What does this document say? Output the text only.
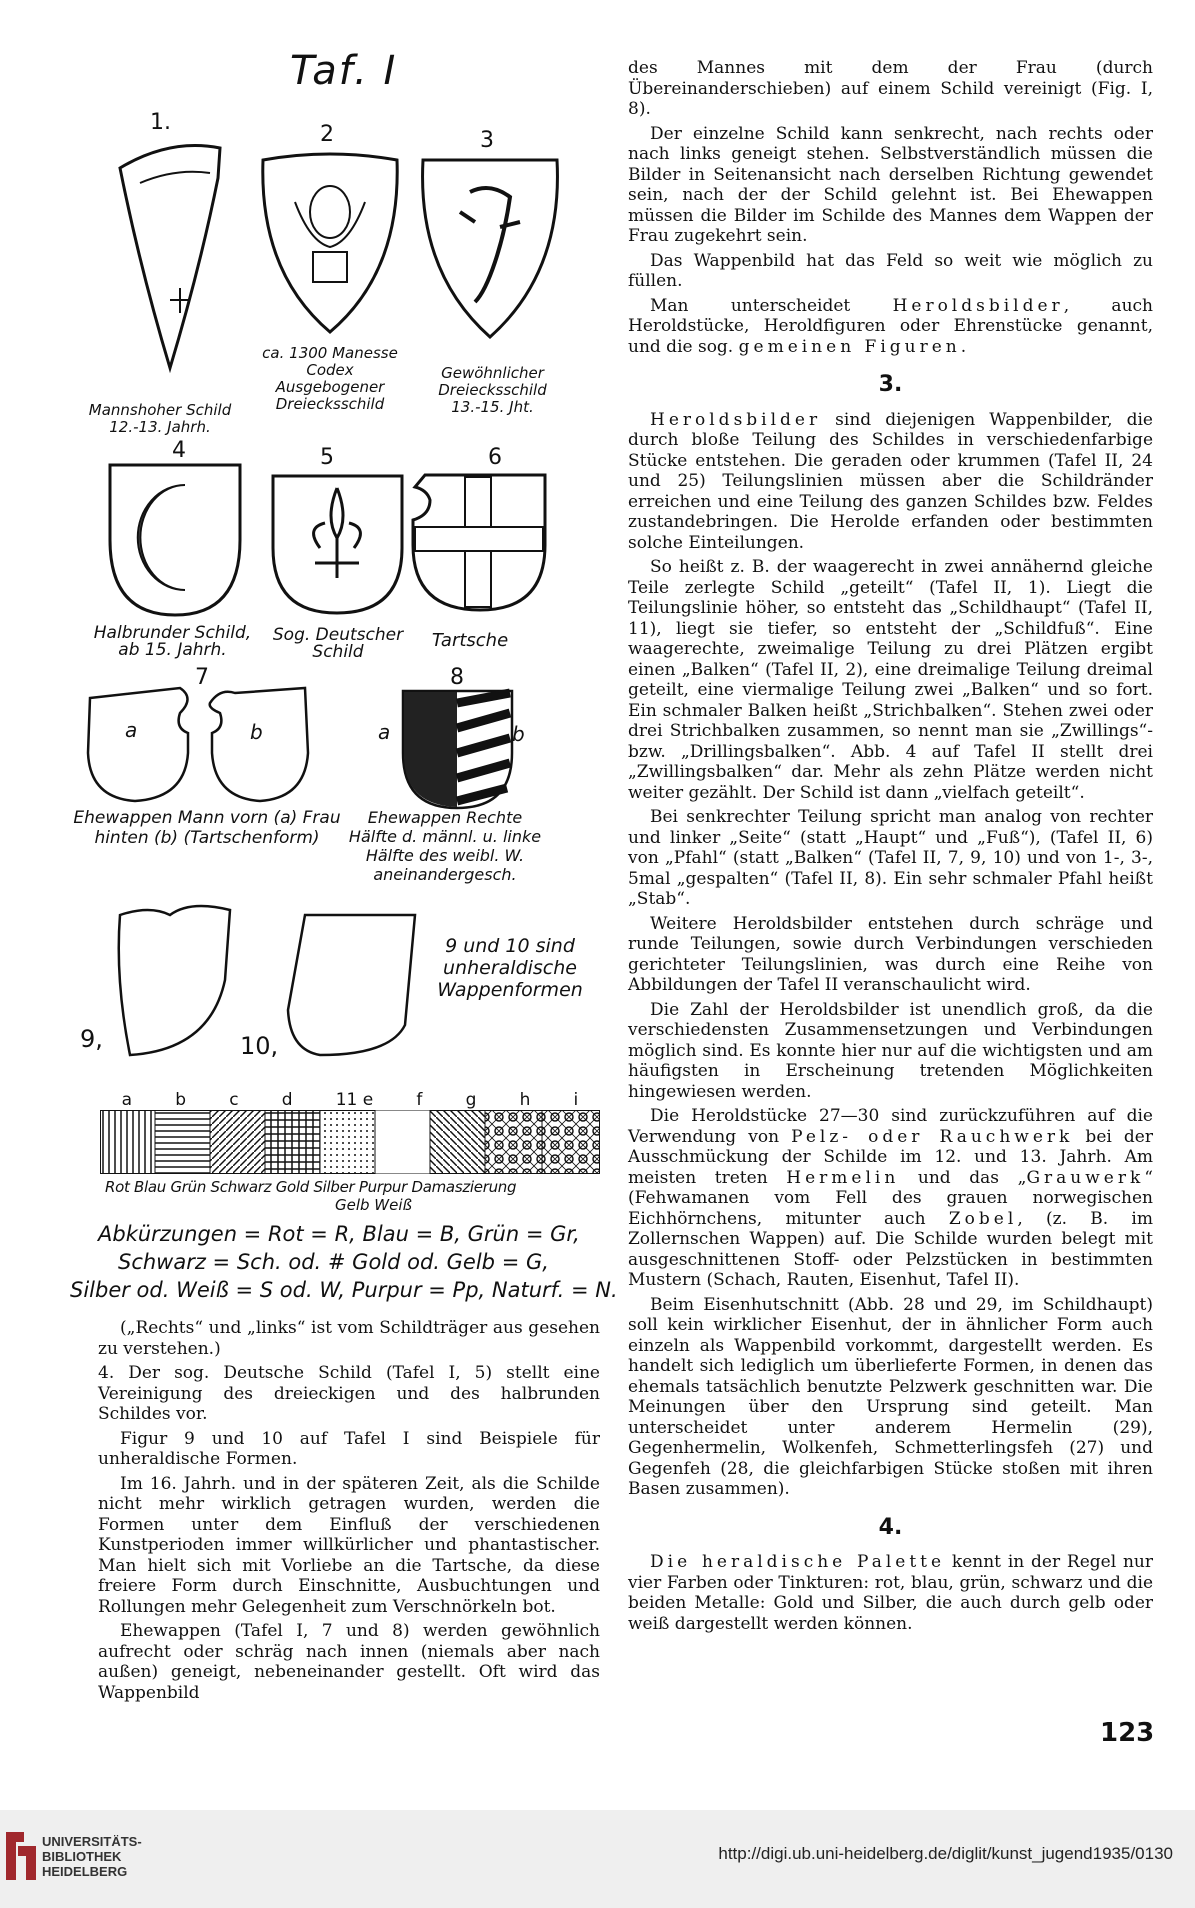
Taf. I
1.	2	3
Mannshoher Schild 12.-13. Jahrh.
ca. 1300 Manesse Codex Ausgebogener Dreiecksschild
Gewöhnlicher Dreiecksschild 13.-15. Jht.
4	5	6
Halbrunder Schild, ab 15. Jahrh.
Sog. Deutscher Schild
Tartsche
7
a	b
8
a	b
Ehewappen Mann vorn (a) Frau hinten (b) (Tartschenform)
Ehewappen Rechte Hälfte d. männl. u. linke Hälfte des weibl. W. aneinandergesch.
9,	10,
9 und 10 sind unheraldische Wappenformen
a	b	c	d	11 e	f	g	h	i
Rot Blau Grün Schwarz Gold Silber Purpur Damaszierung
Gelb Weiß
Abkürzungen = Rot = R, Blau = B, Grün = Gr,
Schwarz = Sch. od. # Gold od. Gelb = G,
Silber od. Weiß = S od. W, Purpur = Pp, Naturf. = N.

(„Rechts“ und „links“ ist vom Schildträger aus gesehen zu verstehen.)

4. Der sog. Deutsche Schild (Tafel I, 5) stellt eine Vereinigung des dreieckigen und des halbrunden Schildes vor.

Figur 9 und 10 auf Tafel I sind Beispiele für unheraldische Formen.

Im 16. Jahrh. und in der späteren Zeit, als die Schilde nicht mehr wirklich getragen wurden, werden die Formen unter dem Einfluß der verschiedenen Kunstperioden immer willkürlicher und phantastischer. Man hielt sich mit Vorliebe an die Tartsche, da diese freiere Form durch Einschnitte, Ausbuchtungen und Rollungen mehr Gelegenheit zum Verschnörkeln bot.

Ehewappen (Tafel I, 7 und 8) werden gewöhnlich aufrecht oder schräg nach innen (niemals aber nach außen) geneigt, nebeneinander gestellt. Oft wird das Wappenbild

des Mannes mit dem der Frau (durch Übereinanderschieben) auf einem Schild vereinigt (Fig. I, 8).

Der einzelne Schild kann senkrecht, nach rechts oder nach links geneigt stehen. Selbstverständlich müssen die Bilder in Seitenansicht nach derselben Richtung gewendet sein, nach der der Schild gelehnt ist. Bei Ehewappen müssen die Bilder im Schilde des Mannes dem Wappen der Frau zugekehrt sein.

Das Wappenbild hat das Feld so weit wie möglich zu füllen.

Man unterscheidet Heroldsbilder, auch Heroldstücke, Heroldfiguren oder Ehrenstücke genannt, und die sog. gemeinen Figuren.

3.

Heroldsbilder sind diejenigen Wappenbilder, die durch bloße Teilung des Schildes in verschiedenfarbige Stücke entstehen. Die geraden oder krummen (Tafel II, 24 und 25) Teilungslinien müssen aber die Schildränder erreichen und eine Teilung des ganzen Schildes bzw. Feldes zustandebringen. Die Herolde erfanden oder bestimmten solche Einteilungen.

So heißt z. B. der waagerecht in zwei annähernd gleiche Teile zerlegte Schild „geteilt“ (Tafel II, 1). Liegt die Teilungslinie höher, so entsteht das „Schildhaupt“ (Tafel II, 11), liegt sie tiefer, so entsteht der „Schildfuß“. Eine waagerechte, zweimalige Teilung zu drei Plätzen ergibt einen „Balken“ (Tafel II, 2), eine dreimalige Teilung dreimal geteilt, eine viermalige Teilung zwei „Balken“ und so fort. Ein schmaler Balken heißt „Strichbalken“. Stehen zwei oder drei Strichbalken zusammen, so nennt man sie „Zwillings“- bzw. „Drillingsbalken“. Abb. 4 auf Tafel II stellt drei „Zwillingsbalken“ dar. Mehr als zehn Plätze werden nicht weiter gezählt. Der Schild ist dann „vielfach geteilt“.

Bei senkrechter Teilung spricht man analog von rechter und linker „Seite“ (statt „Haupt“ und „Fuß“), (Tafel II, 6) von „Pfahl“ (statt „Balken“ (Tafel II, 7, 9, 10) und von 1-, 3-, 5mal „gespalten“ (Tafel II, 8). Ein sehr schmaler Pfahl heißt „Stab“.

Weitere Heroldsbilder entstehen durch schräge und runde Teilungen, sowie durch Verbindungen verschieden gerichteter Teilungslinien, was durch eine Reihe von Abbildungen der Tafel II veranschaulicht wird.

Die Zahl der Heroldsbilder ist unendlich groß, da die verschiedensten Zusammensetzungen und Verbindungen möglich sind. Es konnte hier nur auf die wichtigsten und am häufigsten in Erscheinung tretenden Möglichkeiten hingewiesen werden.

Die Heroldstücke 27—30 sind zurückzuführen auf die Verwendung von Pelz- oder Rauchwerk bei der Ausschmückung der Schilde im 12. und 13. Jahrh. Am meisten treten Hermelin und das „Grauwerk“ (Fehwamanen vom Fell des grauen norwegischen Eichhörnchens, mitunter auch Zobel, (z. B. im Zollernschen Wappen) auf. Die Schilde wurden belegt mit ausgeschnittenen Stoff- oder Pelzstücken in bestimmten Mustern (Schach, Rauten, Eisenhut, Tafel II).

Beim Eisenhutschnitt (Abb. 28 und 29, im Schildhaupt) soll kein wirklicher Eisenhut, der in ähnlicher Form auch einzeln als Wappenbild vorkommt, dargestellt werden. Es handelt sich lediglich um überlieferte Formen, in denen das ehemals tatsächlich benutzte Pelzwerk geschnitten war. Die Meinungen über den Ursprung sind geteilt. Man unterscheidet unter anderem Hermelin (29), Gegenhermelin, Wolkenfeh, Schmetterlingsfeh (27) und Gegenfeh (28, die gleichfarbigen Stücke stoßen mit ihren Basen zusammen).

4.

Die heraldische Palette kennt in der Regel nur vier Farben oder Tinkturen: rot, blau, grün, schwarz und die beiden Metalle: Gold und Silber, die auch durch gelb oder weiß dargestellt werden können.

123
UNIVERSITÄTS-
BIBLIOTHEK
HEIDELBERG
http://digi.ub.uni-heidelberg.de/diglit/kunst_jugend1935/0130
